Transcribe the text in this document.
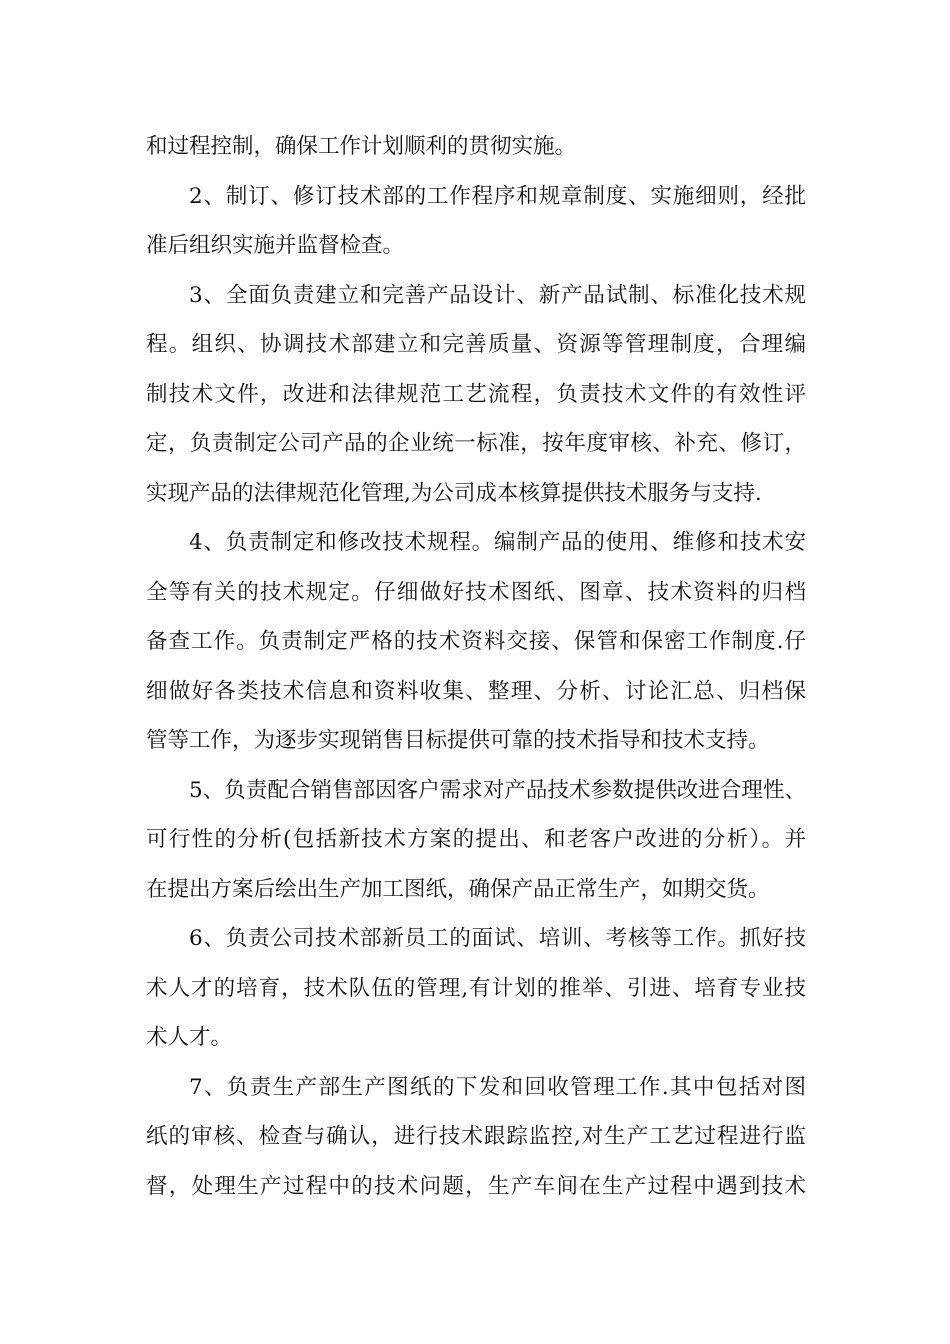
和过程控制，确保工作计划顺利的贯彻实施。
2、制订、修订技术部的工作程序和规章制度、实施细则，经批
准后组织实施并监督检查。
3、全面负责建立和完善产品设计、新产品试制、标准化技术规
程。组织、协调技术部建立和完善质量、资源等管理制度，合理编
制技术文件，改进和法律规范工艺流程，负责技术文件的有效性评
定，负责制定公司产品的企业统一标准，按年度审核、补充、修订，
实现产品的法律规范化管理,为公司成本核算提供技术服务与支持.
4、负责制定和修改技术规程。编制产品的使用、维修和技术安
全等有关的技术规定。仔细做好技术图纸、图章、技术资料的归档
备查工作。负责制定严格的技术资料交接、保管和保密工作制度.仔
细做好各类技术信息和资料收集、整理、分析、讨论汇总、归档保
管等工作，为逐步实现销售目标提供可靠的技术指导和技术支持。
5、负责配合销售部因客户需求对产品技术参数提供改进合理性、
可行性的分析(包括新技术方案的提出、和老客户改进的分析）。并
在提出方案后绘出生产加工图纸，确保产品正常生产，如期交货。
6、负责公司技术部新员工的面试、培训、考核等工作。抓好技
术人才的培育，技术队伍的管理,有计划的推举、引进、培育专业技
术人才。
7、负责生产部生产图纸的下发和回收管理工作.其中包括对图
纸的审核、检查与确认，进行技术跟踪监控,对生产工艺过程进行监
督，处理生产过程中的技术问题，生产车间在生产过程中遇到技术
